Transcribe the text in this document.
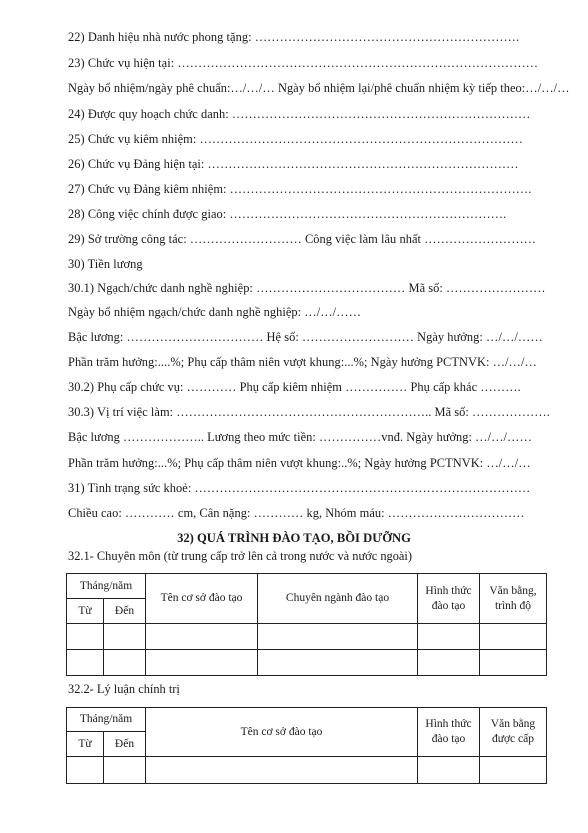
22) Danh hiệu nhà nước phong tặng: ……………………………………………………….
23) Chức vụ hiện tại: ……………………………………………………………………………
Ngày bổ nhiệm/ngày phê chuẩn:…/…/… Ngày bổ nhiệm lại/phê chuẩn nhiệm kỳ tiếp theo:…/…/…
24) Được quy hoạch chức danh: ………………………………………………………………
25) Chức vụ kiêm nhiệm: ……………………………………………………………………
26) Chức vụ Đảng hiện tại: …………………………………………………………………
27) Chức vụ Đảng kiêm nhiệm: ……………………………………………………………….
28) Công việc chính được giao: ………………………………………………………….
29) Sở trường công tác: ……………………… Công việc làm lâu nhất ………………………
30) Tiền lương
30.1) Ngạch/chức danh nghề nghiệp: ……………………………… Mã số: ……………………
Ngày bổ nhiệm ngạch/chức danh nghề nghiệp: …/…/……
Bậc lương: …………………………… Hệ số: ……………………… Ngày hưởng: …/…/……
Phần trăm hưởng:....%; Phụ cấp thâm niên vượt khung:...%; Ngày hưởng PCTNVK: …/…/…
30.2) Phụ cấp chức vụ: ………… Phụ cấp kiêm nhiệm …………… Phụ cấp khác ……….
30.3) Vị trí việc làm: …………………………………………………….. Mã số: ……………….
Bậc lương ……………….. Lương theo mức tiền: ……………vnđ. Ngày hưởng: …/…/……
Phần trăm hưởng:...%; Phụ cấp thâm niên vượt khung:..%; Ngày hưởng PCTNVK: …/…/…
31) Tình trạng sức khoẻ: ………………………………………………………………………
Chiều cao: ………… cm, Cân nặng: ………… kg, Nhóm máu: ……………………………
32) QUÁ TRÌNH ĐÀO TẠO, BỒI DƯỠNG
32.1- Chuyên môn (từ trung cấp trở lên cả trong nước và nước ngoài)
Tháng/năm		Tên cơ sở đào tạo	Chuyên ngành đào tạo	Hình thức đào tạo	Văn bằng, trình độ
Từ	Đến				

32.2- Lý luận chính trị
Tháng/năm		Tên cơ sở đào tạo	Hình thức đào tạo	Văn bằng được cấp
Từ	Đến			
